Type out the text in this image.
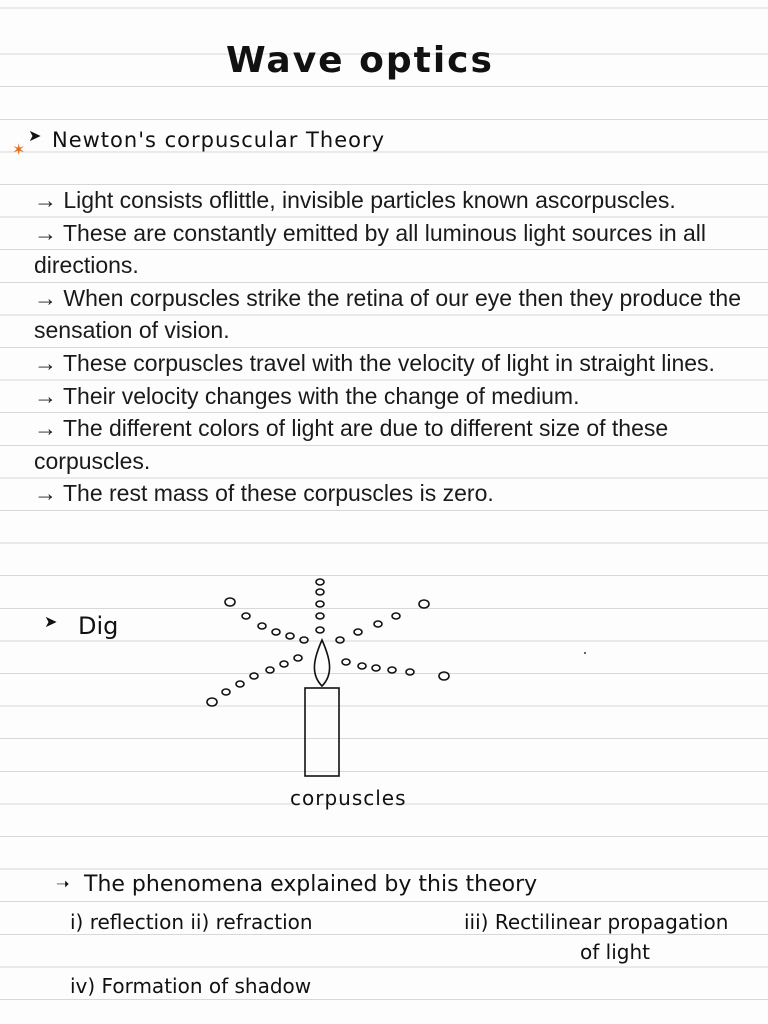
Wave optics
✶
➤ Newton's corpuscular Theory

→ Light consists oflittle, invisible particles known ascorpuscles.

→ These are constantly emitted by all luminous light sources in all directions.

→ When corpuscles strike the retina of our eye then they produce the sensation of vision.

→ These corpuscles travel with the velocity of light in straight lines.

→ Their velocity changes with the change of medium.

→ The different colors of light are due to different size of these corpuscles.

→ The rest mass of these corpuscles is zero.

➤ Dig
corpuscles
➝ The phenomena explained by this theory
i) reflection ii) refraction	iii) Rectilinear propagation
of light
iv) Formation of shadow
